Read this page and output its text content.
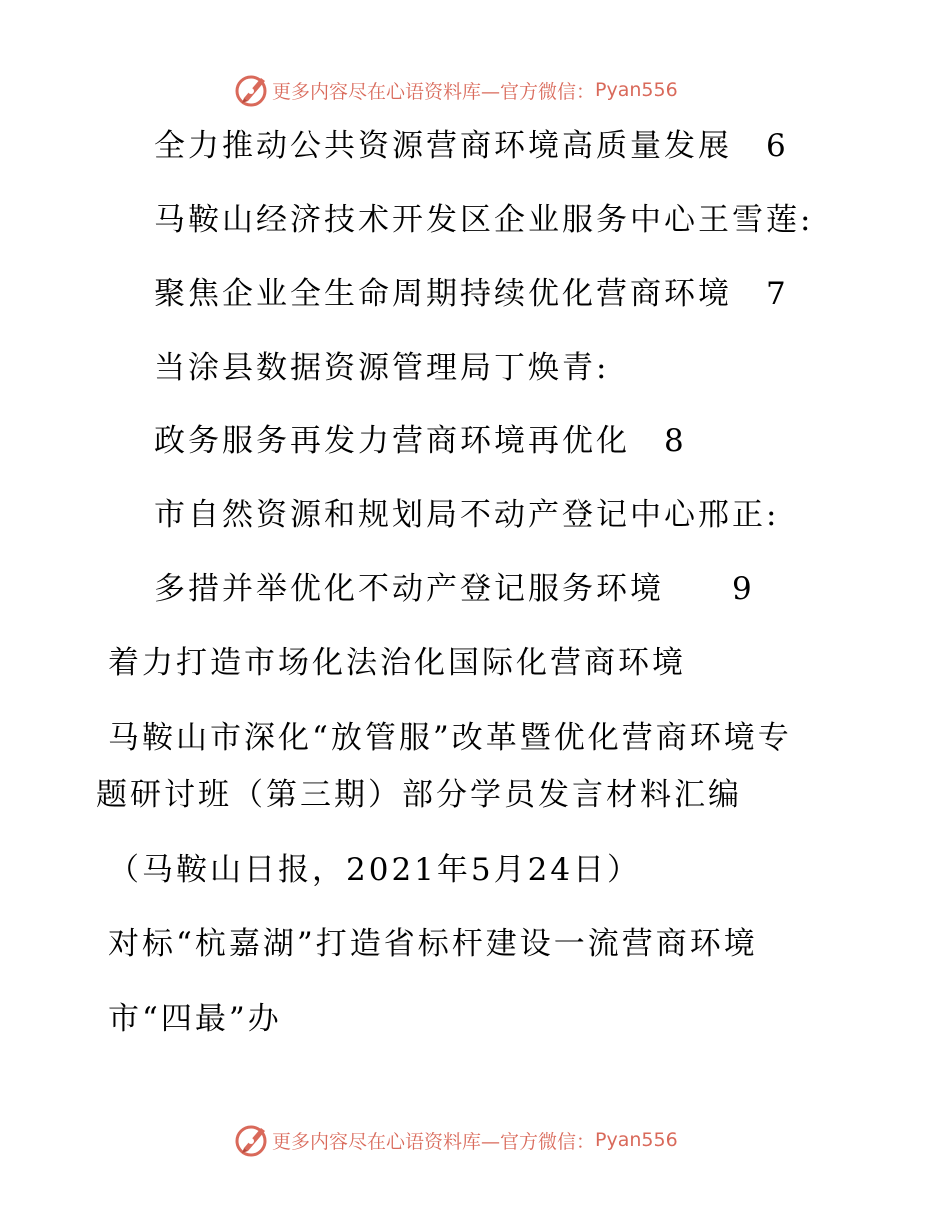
更多内容尽在心语资料库—官方微信： Pyan556
全力推动公共资源营商环境高质量发展　6
马鞍山经济技术开发区企业服务中心王雪莲:
聚焦企业全生命周期持续优化营商环境　7
当涂县数据资源管理局丁焕青:
政务服务再发力营商环境再优化　8
市自然资源和规划局不动产登记中心邢正:
多措并举优化不动产登记服务环境　　9
着力打造市场化法治化国际化营商环境
马鞍山市深化“放管服”改革暨优化营商环境专
题研讨班（第三期）部分学员发言材料汇编
（马鞍山日报，2021年5月24日）
对标“杭嘉湖”打造省标杆建设一流营商环境
市“四最”办
更多内容尽在心语资料库—官方微信： Pyan556
